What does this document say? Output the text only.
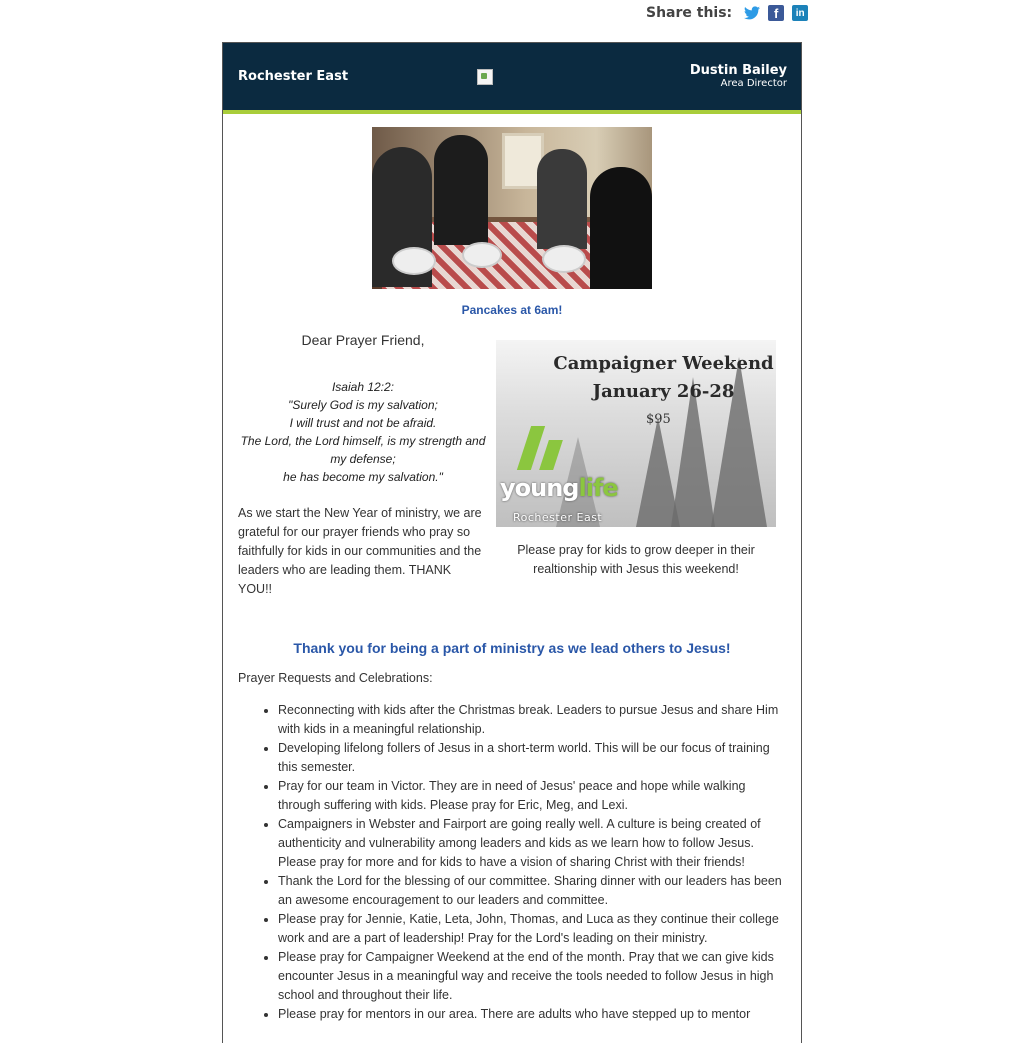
Share this:	f	in
Rochester East	Dustin Bailey
Area Director
Pancakes at 6am!

Dear Prayer Friend,

Isaiah 12:2:
"Surely God is my salvation;
I will trust and not be afraid.
The Lord, the Lord himself, is my strength and my defense;
he has become my salvation."
As we start the New Year of ministry, we are grateful for our prayer friends who pray so faithfully for kids in our communities and the leaders who are leading them. THANK YOU!!
Campaigner Weekend
January 26-28
$95
younglife
Rochester East
Please pray for kids to grow deeper in their realtionship with Jesus this weekend!
Thank you for being a part of ministry as we lead others to Jesus!
Prayer Requests and Celebrations:
• Reconnecting with kids after the Christmas break. Leaders to pursue Jesus and share Him with kids in a meaningful relationship.
• Developing lifelong follers of Jesus in a short-term world. This will be our focus of training this semester.
• Pray for our team in Victor. They are in need of Jesus' peace and hope while walking through suffering with kids. Please pray for Eric, Meg, and Lexi.
• Campaigners in Webster and Fairport are going really well. A culture is being created of authenticity and vulnerability among leaders and kids as we learn how to follow Jesus. Please pray for more and for kids to have a vision of sharing Christ with their friends!
• Thank the Lord for the blessing of our committee. Sharing dinner with our leaders has been an awesome encouragement to our leaders and committee.
• Please pray for Jennie, Katie, Leta, John, Thomas, and Luca as they continue their college work and are a part of leadership! Pray for the Lord's leading on their ministry.
• Please pray for Campaigner Weekend at the end of the month. Pray that we can give kids encounter Jesus in a meaningful way and receive the tools needed to follow Jesus in high school and throughout their life.
• Please pray for mentors in our area. There are adults who have stepped up to mentor
